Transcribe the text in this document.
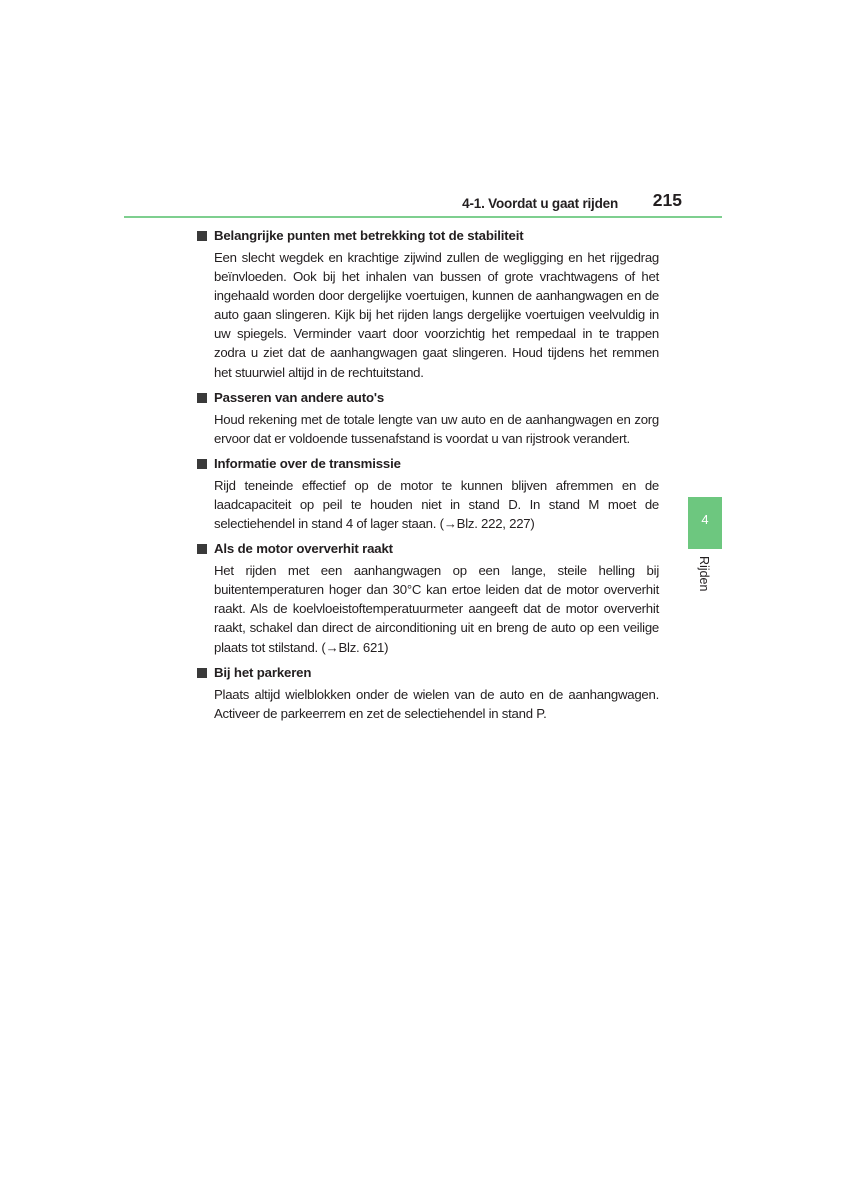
4-1. Voordat u gaat rijden 215
4
Rijden
Belangrijke punten met betrekking tot de stabiliteit

Een slecht wegdek en krachtige zijwind zullen de wegligging en het rijgedrag beïnvloeden. Ook bij het inhalen van bussen of grote vrachtwagens of het ingehaald worden door dergelijke voertuigen, kunnen de aanhangwagen en de auto gaan slingeren. Kijk bij het rijden langs dergelijke voertuigen veelvuldig in uw spiegels. Verminder vaart door voorzichtig het rempedaal in te trappen zodra u ziet dat de aanhangwagen gaat slingeren. Houd tijdens het remmen het stuurwiel altijd in de rechtuitstand.

Passeren van andere auto's

Houd rekening met de totale lengte van uw auto en de aanhangwagen en zorg ervoor dat er voldoende tussenafstand is voordat u van rijstrook verandert.

Informatie over de transmissie

Rijd teneinde effectief op de motor te kunnen blijven afremmen en de laadcapaciteit op peil te houden niet in stand D. In stand M moet de selectiehendel in stand 4 of lager staan. (→Blz. 222, 227)

Als de motor oververhit raakt

Het rijden met een aanhangwagen op een lange, steile helling bij buitentemperaturen hoger dan 30°C kan ertoe leiden dat de motor oververhit raakt. Als de koelvloeistoftemperatuurmeter aangeeft dat de motor oververhit raakt, schakel dan direct de airconditioning uit en breng de auto op een veilige plaats tot stilstand. (→Blz. 621)

Bij het parkeren

Plaats altijd wielblokken onder de wielen van de auto en de aanhangwagen. Activeer de parkeerrem en zet de selectiehendel in stand P.
